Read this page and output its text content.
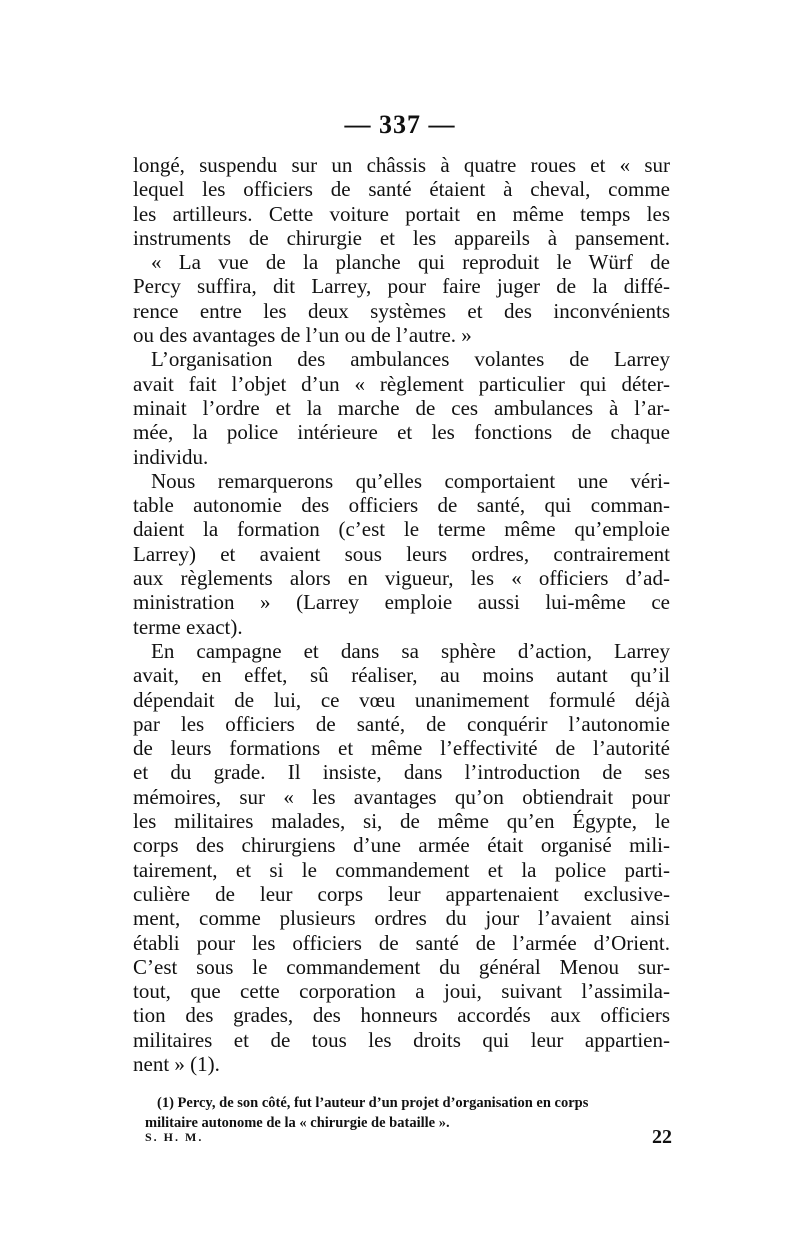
— 337 —
longé, suspendu sur un châssis à quatre roues et « sur
lequel les officiers de santé étaient à cheval, comme
les artilleurs. Cette voiture portait en même temps les
instruments de chirurgie et les appareils à pansement.
« La vue de la planche qui reproduit le Würf de
Percy suffira, dit Larrey, pour faire juger de la diffé-
rence entre les deux systèmes et des inconvénients
ou des avantages de l’un ou de l’autre. »
L’organisation des ambulances volantes de Larrey
avait fait l’objet d’un « règlement particulier qui déter-
minait l’ordre et la marche de ces ambulances à l’ar-
mée, la police intérieure et les fonctions de chaque
individu.
Nous remarquerons qu’elles comportaient une véri-
table autonomie des officiers de santé, qui comman-
daient la formation (c’est le terme même qu’emploie
Larrey) et avaient sous leurs ordres, contrairement
aux règlements alors en vigueur, les « officiers d’ad-
ministration » (Larrey emploie aussi lui-même ce
terme exact).
En campagne et dans sa sphère d’action, Larrey
avait, en effet, sû réaliser, au moins autant qu’il
dépendait de lui, ce vœu unanimement formulé déjà
par les officiers de santé, de conquérir l’autonomie
de leurs formations et même l’effectivité de l’autorité
et du grade. Il insiste, dans l’introduction de ses
mémoires, sur « les avantages qu’on obtiendrait pour
les militaires malades, si, de même qu’en Égypte, le
corps des chirurgiens d’une armée était organisé mili-
tairement, et si le commandement et la police parti-
culière de leur corps leur appartenaient exclusive-
ment, comme plusieurs ordres du jour l’avaient ainsi
établi pour les officiers de santé de l’armée d’Orient.
C’est sous le commandement du général Menou sur-
tout, que cette corporation a joui, suivant l’assimila-
tion des grades, des honneurs accordés aux officiers
militaires et de tous les droits qui leur appartien-
nent » (1).
(1) Percy, de son côté, fut l’auteur d’un projet d’organisation en corps
militaire autonome de la « chirurgie de bataille ».
S. H. M.	22
